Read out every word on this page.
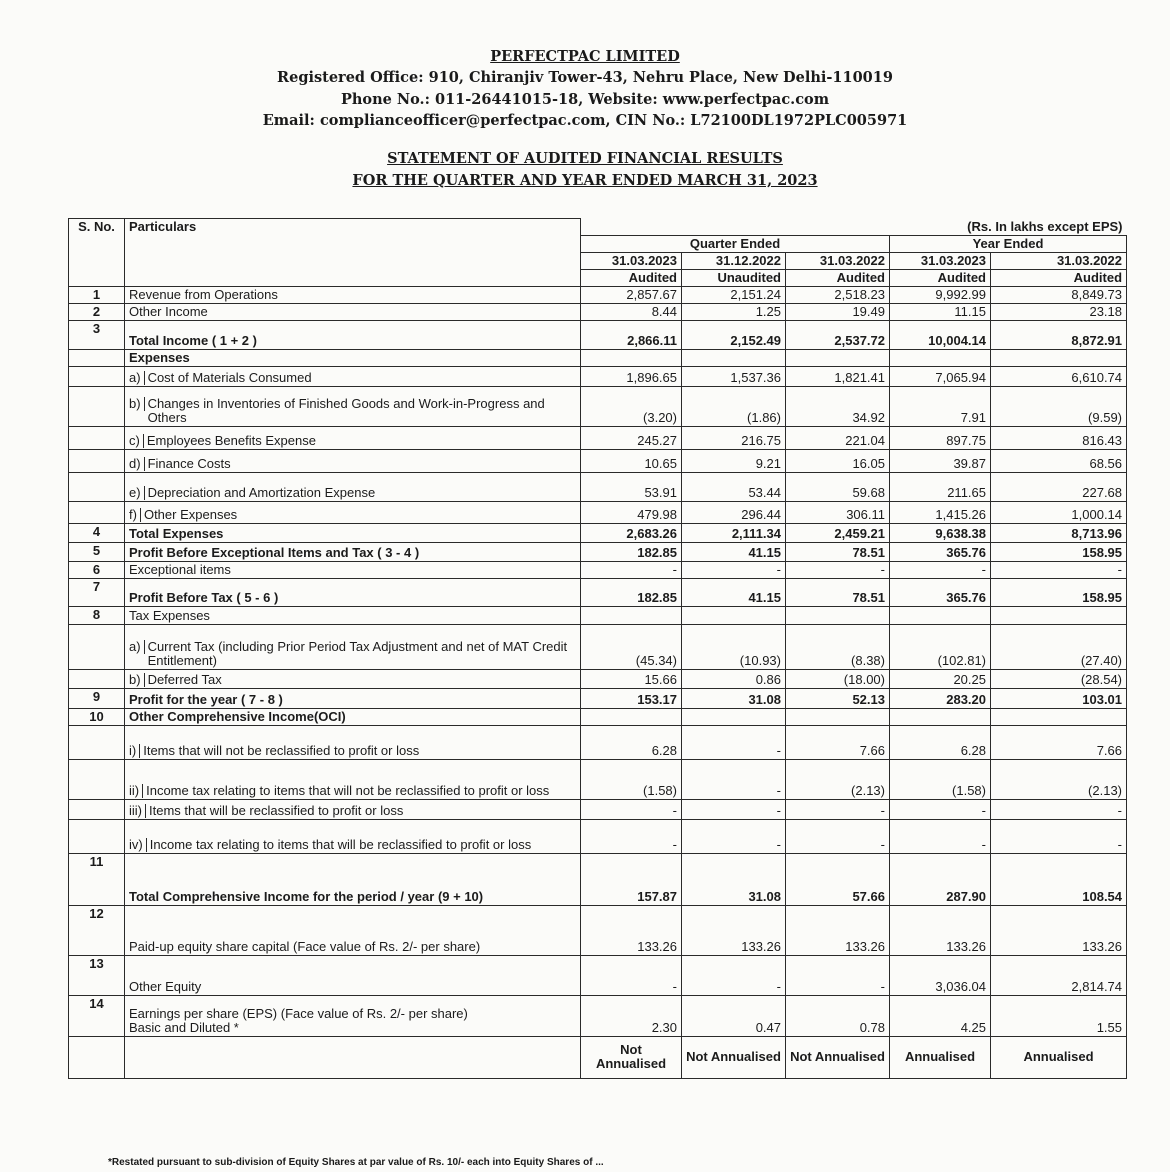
PERFECTPAC LIMITED
Registered Office: 910, Chiranjiv Tower-43, Nehru Place, New Delhi-110019
Phone No.: 011-26441015-18, Website: www.perfectpac.com
Email: complianceofficer@perfectpac.com, CIN No.: L72100DL1972PLC005971
STATEMENT OF AUDITED FINANCIAL RESULTS
FOR THE QUARTER AND YEAR ENDED MARCH 31, 2023
S. No.	Particulars	(Rs. In lakhs except EPS)				
		Quarter Ended			Year Ended	
		31.03.2023	31.12.2022	31.03.2022	31.03.2023	31.03.2022
		Audited	Unaudited	Audited	Audited	Audited
1	Revenue from Operations	2,857.67	2,151.24	2,518.23	9,992.99	8,849.73
2	Other Income	8.44	1.25	19.49	11.15	23.18
3	Total Income ( 1 + 2 )	2,866.11	2,152.49	2,537.72	10,004.14	8,872.91

	Expenses					

	a) Cost of Materials Consumed	1,896.65	1,537.36	1,821.41	7,065.94	6,610.74

	b) Changes in Inventories of Finished Goods and Work-in-Progress and Others	(3.20)	(1.86)	34.92	7.91	(9.59)

	c) Employees Benefits Expense	245.27	216.75	221.04	897.75	816.43

	d) Finance Costs	10.65	9.21	16.05	39.87	68.56

	e) Depreciation and Amortization Expense	53.91	53.44	59.68	211.65	227.68

	f) Other Expenses	479.98	296.44	306.11	1,415.26	1,000.14
4	Total Expenses	2,683.26	2,111.34	2,459.21	9,638.38	8,713.96
5	Profit Before Exceptional Items and Tax ( 3 - 4 )	182.85	41.15	78.51	365.76	158.95
6	Exceptional items	-	-	-	-	-
7	Profit Before Tax ( 5 - 6 )	182.85	41.15	78.51	365.76	158.95
8	Tax Expenses					

	a) Current Tax (including Prior Period Tax Adjustment and net of MAT Credit Entitlement)	(45.34)	(10.93)	(8.38)	(102.81)	(27.40)

	b) Deferred Tax	15.66	0.86	(18.00)	20.25	(28.54)
9	Profit for the year ( 7 - 8 )	153.17	31.08	52.13	283.20	103.01
10	Other Comprehensive Income(OCI)					

	i) Items that will not be reclassified to profit or loss	6.28	-	7.66	6.28	7.66

	ii) Income tax relating to items that will not be reclassified to profit or loss	(1.58)	-	(2.13)	(1.58)	(2.13)

	iii) Items that will be reclassified to profit or loss	-	-	-	-	-

	iv) Income tax relating to items that will be reclassified to profit or loss	-	-	-	-	-
11	Total Comprehensive Income for the period / year (9 + 10)	157.87	31.08	57.66	287.90	108.54
12	Paid-up equity share capital (Face value of Rs. 2/- per share)	133.26	133.26	133.26	133.26	133.26
13	Other Equity	-	-	-	3,036.04	2,814.74
14	Earnings per share (EPS) (Face value of Rs. 2/- per share)
Basic and Diluted *	2.30	0.47	0.78	4.25	1.55
		Not Annualised	Not Annualised	Not Annualised	Annualised	Annualised
*Restated pursuant to sub-division of Equity Shares at par value of Rs. 10/- each into Equity Shares of ...
